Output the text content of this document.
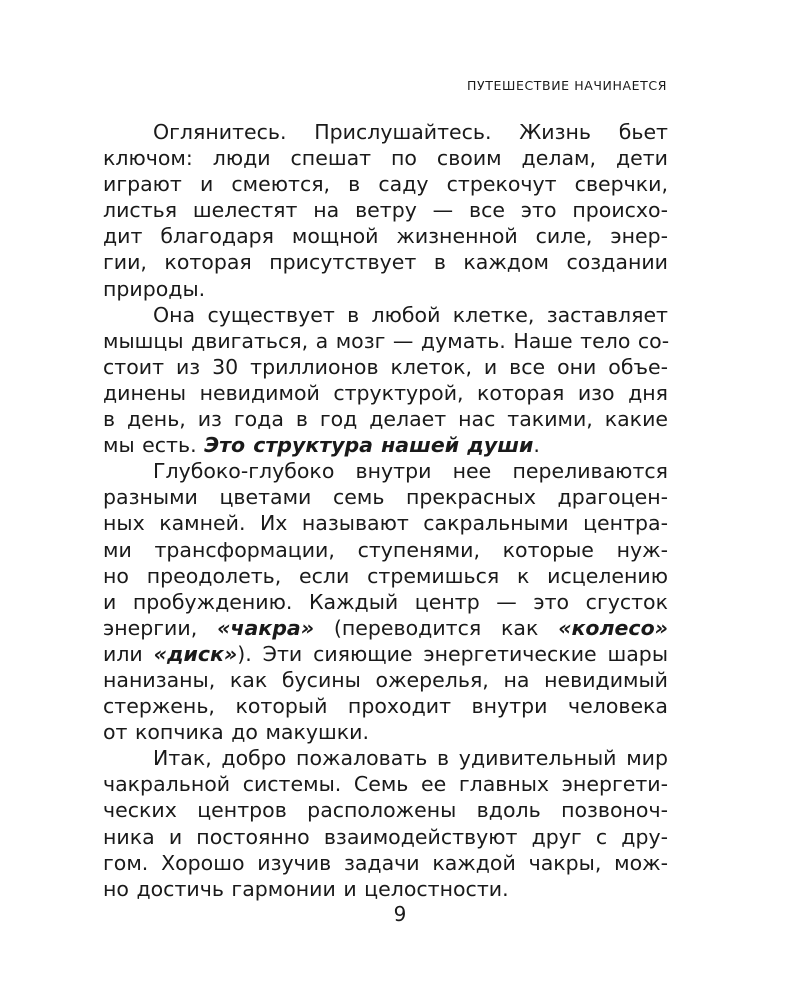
ПУТЕШЕСТВИЕ НАЧИНАЕТСЯ
Оглянитесь. Прислушайтесь. Жизнь бьет
ключом: люди спешат по своим делам, дети
играют и смеются, в саду стрекочут сверчки,
листья шелестят на ветру — все это происхо-
дит благодаря мощной жизненной силе, энер-
гии, которая присутствует в каждом создании
природы.
Она существует в любой клетке, заставляет
мышцы двигаться, а мозг — думать. Наше тело со-
стоит из 30 триллионов клеток, и все они объе-
динены невидимой структурой, которая изо дня
в день, из года в год делает нас такими, какие
мы есть. Это структура нашей души.
Глубоко-глубоко внутри нее переливаются
разными цветами семь прекрасных драгоцен-
ных камней. Их называют сакральными центра-
ми трансформации, ступенями, которые нуж-
но преодолеть, если стремишься к исцелению
и пробуждению. Каждый центр — это сгусток
энергии, «чакра» (переводится как «колесо»
или «диск»). Эти сияющие энергетические шары
нанизаны, как бусины ожерелья, на невидимый
стержень, который проходит внутри человека
от копчика до макушки.
Итак, добро пожаловать в удивительный мир
чакральной системы. Семь ее главных энергети-
ческих центров расположены вдоль позвоноч-
ника и постоянно взаимодействуют друг с дру-
гом. Хорошо изучив задачи каждой чакры, мож-
но достичь гармонии и целостности.
9
